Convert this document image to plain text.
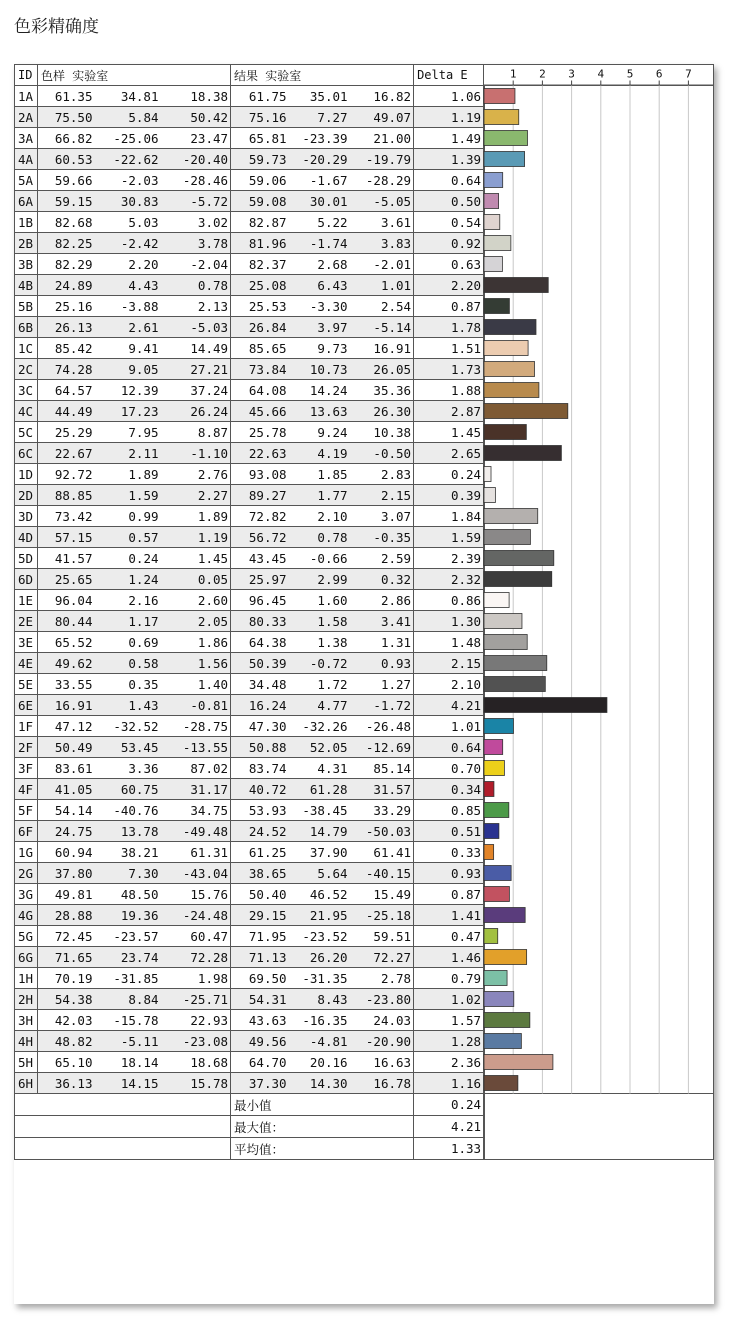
色彩精确度
ID	色样 实验室			结果 实验室			Delta E
1A	61.35	34.81	18.38	61.75	35.01	16.82	1.06
2A	75.50	5.84	50.42	75.16	7.27	49.07	1.19
3A	66.82	-25.06	23.47	65.81	-23.39	21.00	1.49
4A	60.53	-22.62	-20.40	59.73	-20.29	-19.79	1.39
5A	59.66	-2.03	-28.46	59.06	-1.67	-28.29	0.64
6A	59.15	30.83	-5.72	59.08	30.01	-5.05	0.50
1B	82.68	5.03	3.02	82.87	5.22	3.61	0.54
2B	82.25	-2.42	3.78	81.96	-1.74	3.83	0.92
3B	82.29	2.20	-2.04	82.37	2.68	-2.01	0.63
4B	24.89	4.43	0.78	25.08	6.43	1.01	2.20
5B	25.16	-3.88	2.13	25.53	-3.30	2.54	0.87
6B	26.13	2.61	-5.03	26.84	3.97	-5.14	1.78
1C	85.42	9.41	14.49	85.65	9.73	16.91	1.51
2C	74.28	9.05	27.21	73.84	10.73	26.05	1.73
3C	64.57	12.39	37.24	64.08	14.24	35.36	1.88
4C	44.49	17.23	26.24	45.66	13.63	26.30	2.87
5C	25.29	7.95	8.87	25.78	9.24	10.38	1.45
6C	22.67	2.11	-1.10	22.63	4.19	-0.50	2.65
1D	92.72	1.89	2.76	93.08	1.85	2.83	0.24
2D	88.85	1.59	2.27	89.27	1.77	2.15	0.39
3D	73.42	0.99	1.89	72.82	2.10	3.07	1.84
4D	57.15	0.57	1.19	56.72	0.78	-0.35	1.59
5D	41.57	0.24	1.45	43.45	-0.66	2.59	2.39
6D	25.65	1.24	0.05	25.97	2.99	0.32	2.32
1E	96.04	2.16	2.60	96.45	1.60	2.86	0.86
2E	80.44	1.17	2.05	80.33	1.58	3.41	1.30
3E	65.52	0.69	1.86	64.38	1.38	1.31	1.48
4E	49.62	0.58	1.56	50.39	-0.72	0.93	2.15
5E	33.55	0.35	1.40	34.48	1.72	1.27	2.10
6E	16.91	1.43	-0.81	16.24	4.77	-1.72	4.21
1F	47.12	-32.52	-28.75	47.30	-32.26	-26.48	1.01
2F	50.49	53.45	-13.55	50.88	52.05	-12.69	0.64
3F	83.61	3.36	87.02	83.74	4.31	85.14	0.70
4F	41.05	60.75	31.17	40.72	61.28	31.57	0.34
5F	54.14	-40.76	34.75	53.93	-38.45	33.29	0.85
6F	24.75	13.78	-49.48	24.52	14.79	-50.03	0.51
1G	60.94	38.21	61.31	61.25	37.90	61.41	0.33
2G	37.80	7.30	-43.04	38.65	5.64	-40.15	0.93
3G	49.81	48.50	15.76	50.40	46.52	15.49	0.87
4G	28.88	19.36	-24.48	29.15	21.95	-25.18	1.41
5G	72.45	-23.57	60.47	71.95	-23.52	59.51	0.47
6G	71.65	23.74	72.28	71.13	26.20	72.27	1.46
1H	70.19	-31.85	1.98	69.50	-31.35	2.78	0.79
2H	54.38	8.84	-25.71	54.31	8.43	-23.80	1.02
3H	42.03	-15.78	22.93	43.63	-16.35	24.03	1.57
4H	48.82	-5.11	-23.08	49.56	-4.81	-20.90	1.28
5H	65.10	18.14	18.68	64.70	20.16	16.63	2.36
6H	36.13	14.15	15.78	37.30	14.30	16.78	1.16
				最小值			0.24
				最大值：			4.21
				平均值：			1.33
1 2 3 4 5 6 7
